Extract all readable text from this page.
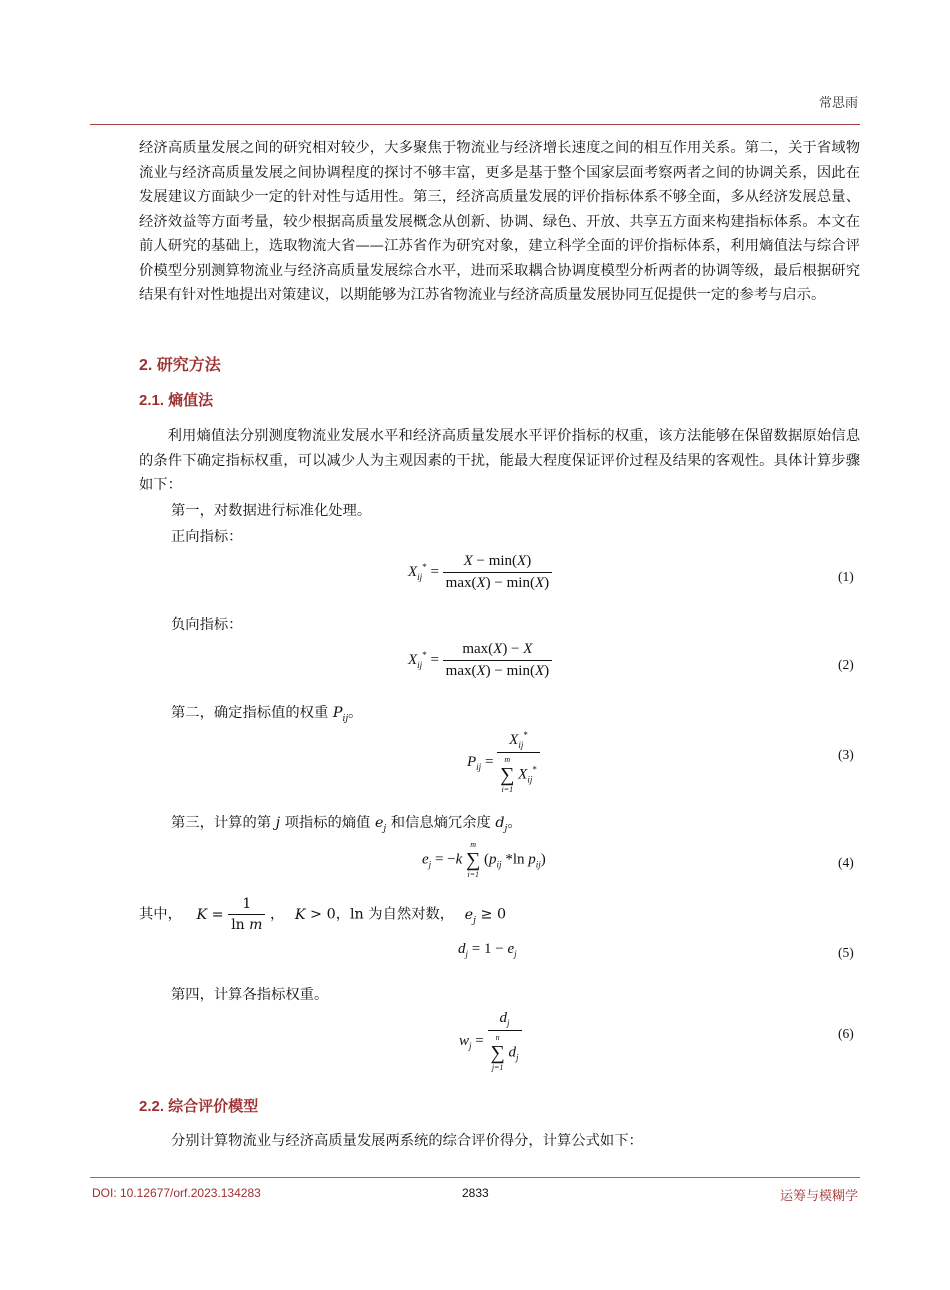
常思雨

经济高质量发展之间的研究相对较少，大多聚焦于物流业与经济增长速度之间的相互作用关系。第二，关于省域物流业与经济高质量发展之间协调程度的探讨不够丰富，更多是基于整个国家层面考察两者之间的协调关系，因此在发展建议方面缺少一定的针对性与适用性。第三，经济高质量发展的评价指标体系不够全面，多从经济发展总量、经济效益等方面考量，较少根据高质量发展概念从创新、协调、绿色、开放、共享五方面来构建指标体系。本文在前人研究的基础上，选取物流大省——江苏省作为研究对象，建立科学全面的评价指标体系，利用熵值法与综合评价模型分别测算物流业与经济高质量发展综合水平，进而采取耦合协调度模型分析两者的协调等级，最后根据研究结果有针对性地提出对策建议，以期能够为江苏省物流业与经济高质量发展协同互促提供一定的参考与启示。

2. 研究方法
2.1. 熵值法

利用熵值法分别测度物流业发展水平和经济高质量发展水平评价指标的权重，该方法能够在保留数据原始信息的条件下确定指标权重，可以减少人为主观因素的干扰，能最大程度保证评价过程及结果的客观性。具体计算步骤如下：

第一，对数据进行标准化处理。
正向指标：
$X_{ij}^* = \frac{X - \min(X)}{\max(X) - \min(X)}$	(1)
负向指标：
$X_{ij}^* = \frac{\max(X) - X}{\max(X) - \min(X)}$	(2)
第二，确定指标值的权重 $P_{ij}$。
$P_{ij} = X_{ij}^*$
m
∑
i=1
$X_{ij}^*$	(3)
第三，计算的第 j 项指标的熵值 $e_j$ 和信息熵冗余度 $d_j$。
$e_j = -k$
m
∑
i=1
($p_{ij}$ *ln $p_{ij}$)	(4)
其中， $K = \frac{1}{\text{ln m}}$ ， K > 0，ln 为自然对数， $e_j \ge 0$
$d_j = 1 - e_j$	(5)
第四，计算各指标权重。
$w_j = d_j$
n
∑
j=1
$d_j$	(6)
2.2. 综合评价模型
分别计算物流业与经济高质量发展两系统的综合评价得分，计算公式如下：
DOI: 10.12677/orf.2023.134283	2833	运筹与模糊学
